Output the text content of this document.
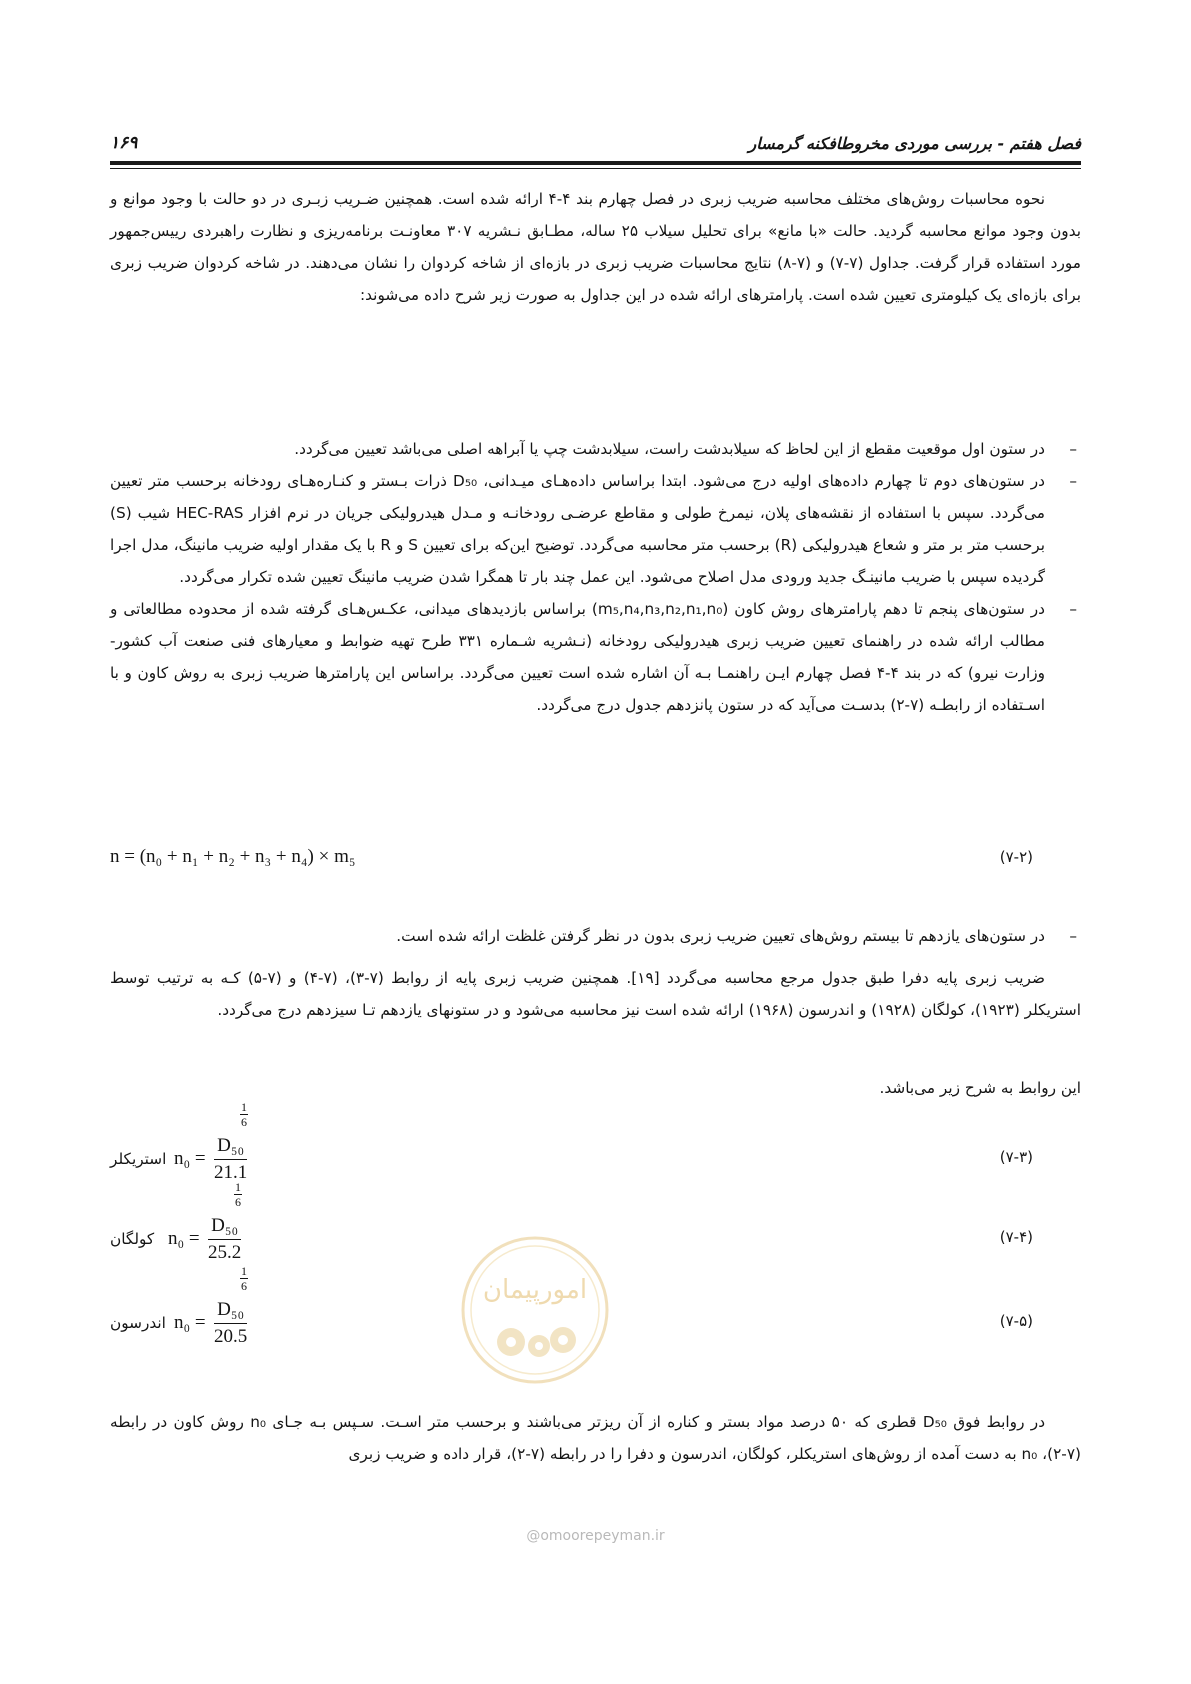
۱۶۹	فصل هفتم - بررسی موردی مخروطافکنه گرمسار

نحوه محاسبات روش‌های مختلف محاسبه ضریب زبری در فصل چهارم بند ۴-۴ ارائه شده است. همچنین ضـریب زبـری در دو حالت با وجود موانع و بدون وجود موانع محاسبه گردید. حالت «با مانع» برای تحلیل سیلاب ۲۵ ساله، مطـابق نـشریه ۳۰۷ معاونـت برنامه‌ریزی و نظارت راهبردی رییس‌جمهور مورد استفاده قرار گرفت. جداول (۷-۷) و (۷-۸) نتایج محاسبات ضریب زبری در بازه‌ای از شاخه کردوان را نشان می‌دهند. در شاخه کردوان ضریب زبری برای بازه‌ای یک کیلومتری تعیین شده است. پارامترهای ارائه شده در این جداول به صورت زیر شرح داده می‌شوند:

–
در ستون اول موقعیت مقطع از این لحاظ که سیلابدشت راست، سیلابدشت چپ یا آبراهه اصلی می‌باشد تعیین می‌گردد.

–
در ستون‌های دوم تا چهارم داده‌های اولیه درج می‌شود. ابتدا براساس داده‌هـای میـدانی، D₅₀ ذرات بـستر و کنـاره‌هـای رودخانه برحسب متر تعیین می‌گردد. سپس با استفاده از نقشه‌های پلان، نیمرخ طولی و مقاطع عرضـی رودخانـه و مـدل هیدرولیکی جریان در نرم افزار HEC-RAS شیب (S) برحسب متر بر متر و شعاع هیدرولیکی (R) برحسب متر محاسبه می‌گردد. توضیح این‌که برای تعیین S و R با یک مقدار اولیه ضریب مانینگ، مدل اجرا گردیده سپس با ضریب مانینـگ جدید ورودی مدل اصلاح می‌شود. این عمل چند بار تا همگرا شدن ضریب مانینگ تعیین شده تکرار می‌گردد.

–
در ستون‌های پنجم تا دهم پارامترهای روش کاون (m₅,n₄,n₃,n₂,n₁,n₀) براساس بازدیدهای میدانی، عکـس‌هـای گرفته شده از محدوده مطالعاتی و مطالب ارائه شده در راهنمای تعیین ضریب زبری هیدرولیکی رودخانه (نـشریه شـماره ۳۳۱ طرح تهیه ضوابط و معیارهای فنی صنعت آب کشور- وزارت نیرو) که در بند ۴-۴ فصل چهارم ایـن راهنمـا بـه آن اشاره شده است تعیین می‌گردد. براساس این پارامترها ضریب زبری به روش کاون و با اسـتفاده از رابطـه (۷-۲) بدسـت می‌آید که در ستون پانزدهم جدول درج می‌گردد.

n = (n₀ + n₁ + n₂ + n₃ + n₄) × m₅	(۷-۲)

–
در ستون‌های یازدهم تا بیستم روش‌های تعیین ضریب زبری بدون در نظر گرفتن غلظت ارائه شده است.

ضریب زبری پایه دفرا طبق جدول مرجع محاسبه می‌گردد [۱۹]. همچنین ضریب زبری پایه از روابط (۷-۳)، (۷-۴) و (۷-۵) کـه به ترتیب توسط استریکلر (۱۹۲۳)، کولگان (۱۹۲۸) و اندرسون (۱۹۶۸) ارائه شده است نیز محاسبه می‌شود و در ستونهای یازدهم تـا سیزدهم درج می‌گردد.

این روابط به شرح زیر می‌باشد.

استریکلر n₀ = D₅₀
1
6
21.1	(۷-۳)
کولگان n₀ = D₅₀
1
6
25.2	(۷-۴)
اندرسون n₀ = D₅₀
1
6
20.5	(۷-۵)

در روابط فوق D₅₀ قطری که ۵۰ درصد مواد بستر و کناره از آن ریزتر می‌باشند و برحسب متر اسـت. سـپس بـه جـای n₀ روش کاون در رابطه (۷-۲)، n₀ به دست آمده از روش‌های استریکلر، کولگان، اندرسون و دفرا را در رابطه (۷-۲)، قرار داده و ضریب زبری

امورپیمان
@omoorepeyman.ir
